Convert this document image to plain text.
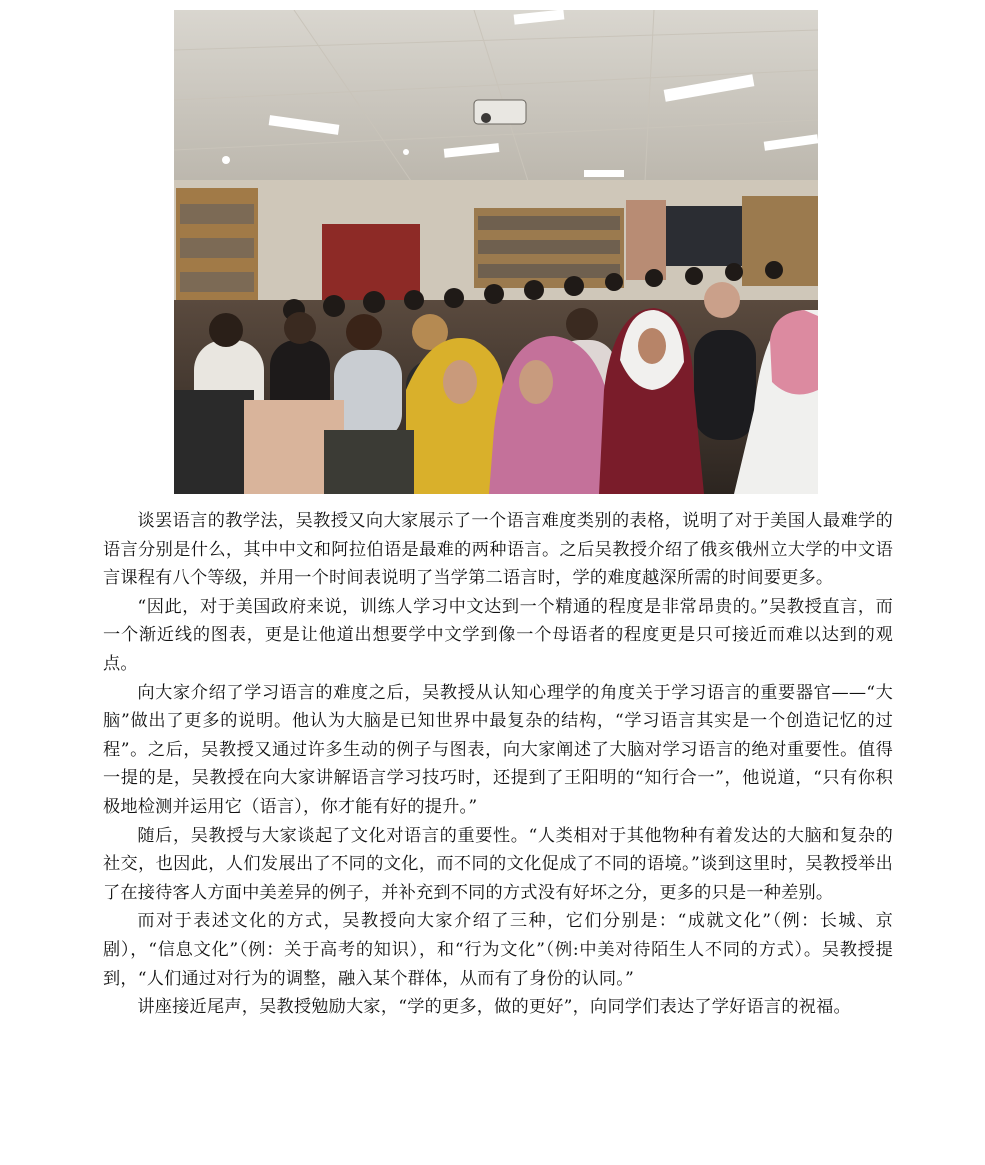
谈罢语言的教学法，吴教授又向大家展示了一个语言难度类别的表格，说明了对于美国人最难学的语言分别是什么，其中中文和阿拉伯语是最难的两种语言。之后吴教授介绍了俄亥俄州立大学的中文语言课程有八个等级，并用一个时间表说明了当学第二语言时，学的难度越深所需的时间要更多。

“因此，对于美国政府来说，训练人学习中文达到一个精通的程度是非常昂贵的。”吴教授直言，而一个渐近线的图表，更是让他道出想要学中文学到像一个母语者的程度更是只可接近而难以达到的观点。

向大家介绍了学习语言的难度之后，吴教授从认知心理学的角度关于学习语言的重要器官——“大脑”做出了更多的说明。他认为大脑是已知世界中最复杂的结构，“学习语言其实是一个创造记忆的过程”。之后，吴教授又通过许多生动的例子与图表，向大家阐述了大脑对学习语言的绝对重要性。值得一提的是，吴教授在向大家讲解语言学习技巧时，还提到了王阳明的“知行合一”，他说道，“只有你积极地检测并运用它（语言），你才能有好的提升。”

随后，吴教授与大家谈起了文化对语言的重要性。“人类相对于其他物种有着发达的大脑和复杂的社交，也因此，人们发展出了不同的文化，而不同的文化促成了不同的语境。”谈到这里时，吴教授举出了在接待客人方面中美差异的例子，并补充到不同的方式没有好坏之分，更多的只是一种差别。

而对于表述文化的方式，吴教授向大家介绍了三种，它们分别是：“成就文化”（例：长城、京剧），“信息文化”（例：关于高考的知识），和“行为文化”（例:中美对待陌生人不同的方式）。吴教授提到，“人们通过对行为的调整，融入某个群体，从而有了身份的认同。”

讲座接近尾声，吴教授勉励大家，“学的更多，做的更好”，向同学们表达了学好语言的祝福。
